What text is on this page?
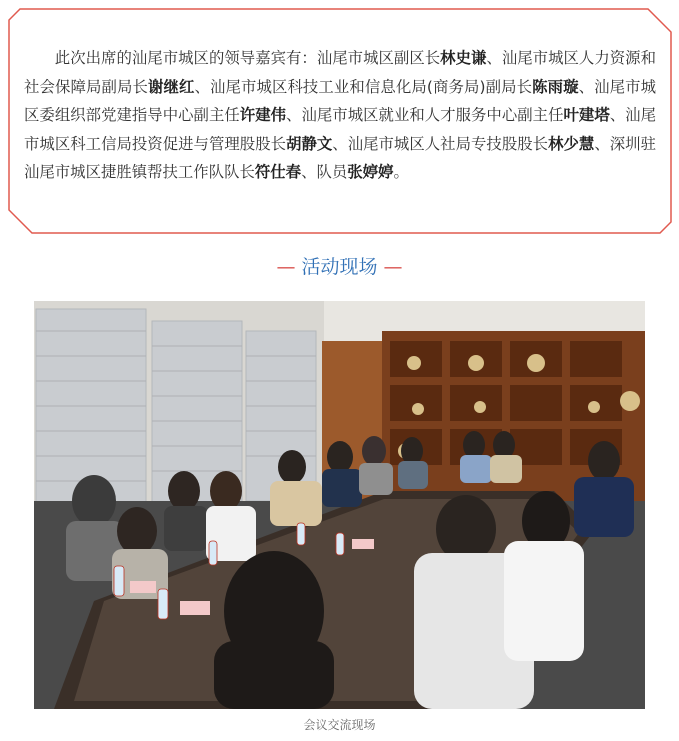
此次出席的汕尾市城区的领导嘉宾有：汕尾市城区副区长林史谦、汕尾市城区人力资源和社会保障局副局长谢继红、汕尾市城区科技工业和信息化局(商务局)副局长陈雨璇、汕尾市城区委组织部党建指导中心副主任许建伟、汕尾市城区就业和人才服务中心副主任叶建塔、汕尾市城区科工信局投资促进与管理股股长胡静文、汕尾市城区人社局专技股股长林少慧、深圳驻汕尾市城区捷胜镇帮扶工作队队长符仕春、队员张婷婷。
— 活动现场 —
会议交流现场
